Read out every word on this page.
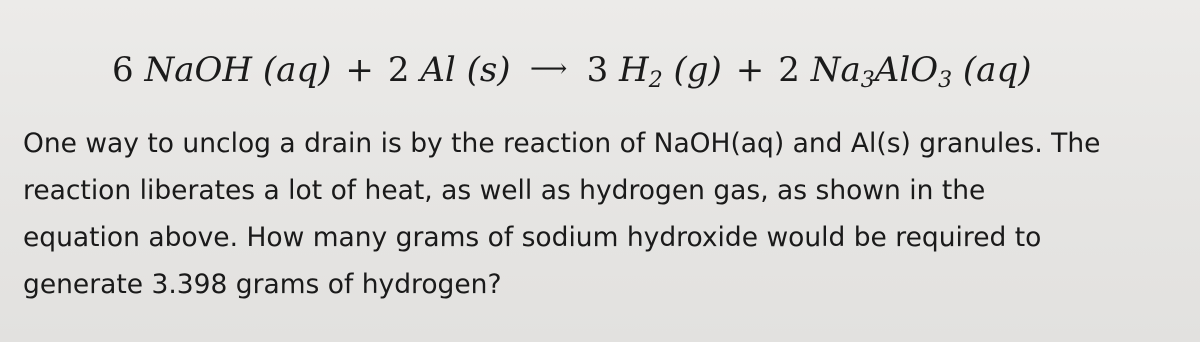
6 NaOH (aq) + 2 Al (s) ⟶ 3 $H_2$ (g) + 2 $Na_3AlO_3$ (aq)

One way to unclog a drain is by the reaction of NaOH(aq) and Al(s) granules. The

reaction liberates a lot of heat, as well as hydrogen gas, as shown in the

equation above. How many grams of sodium hydroxide would be required to

generate 3.398 grams of hydrogen?
